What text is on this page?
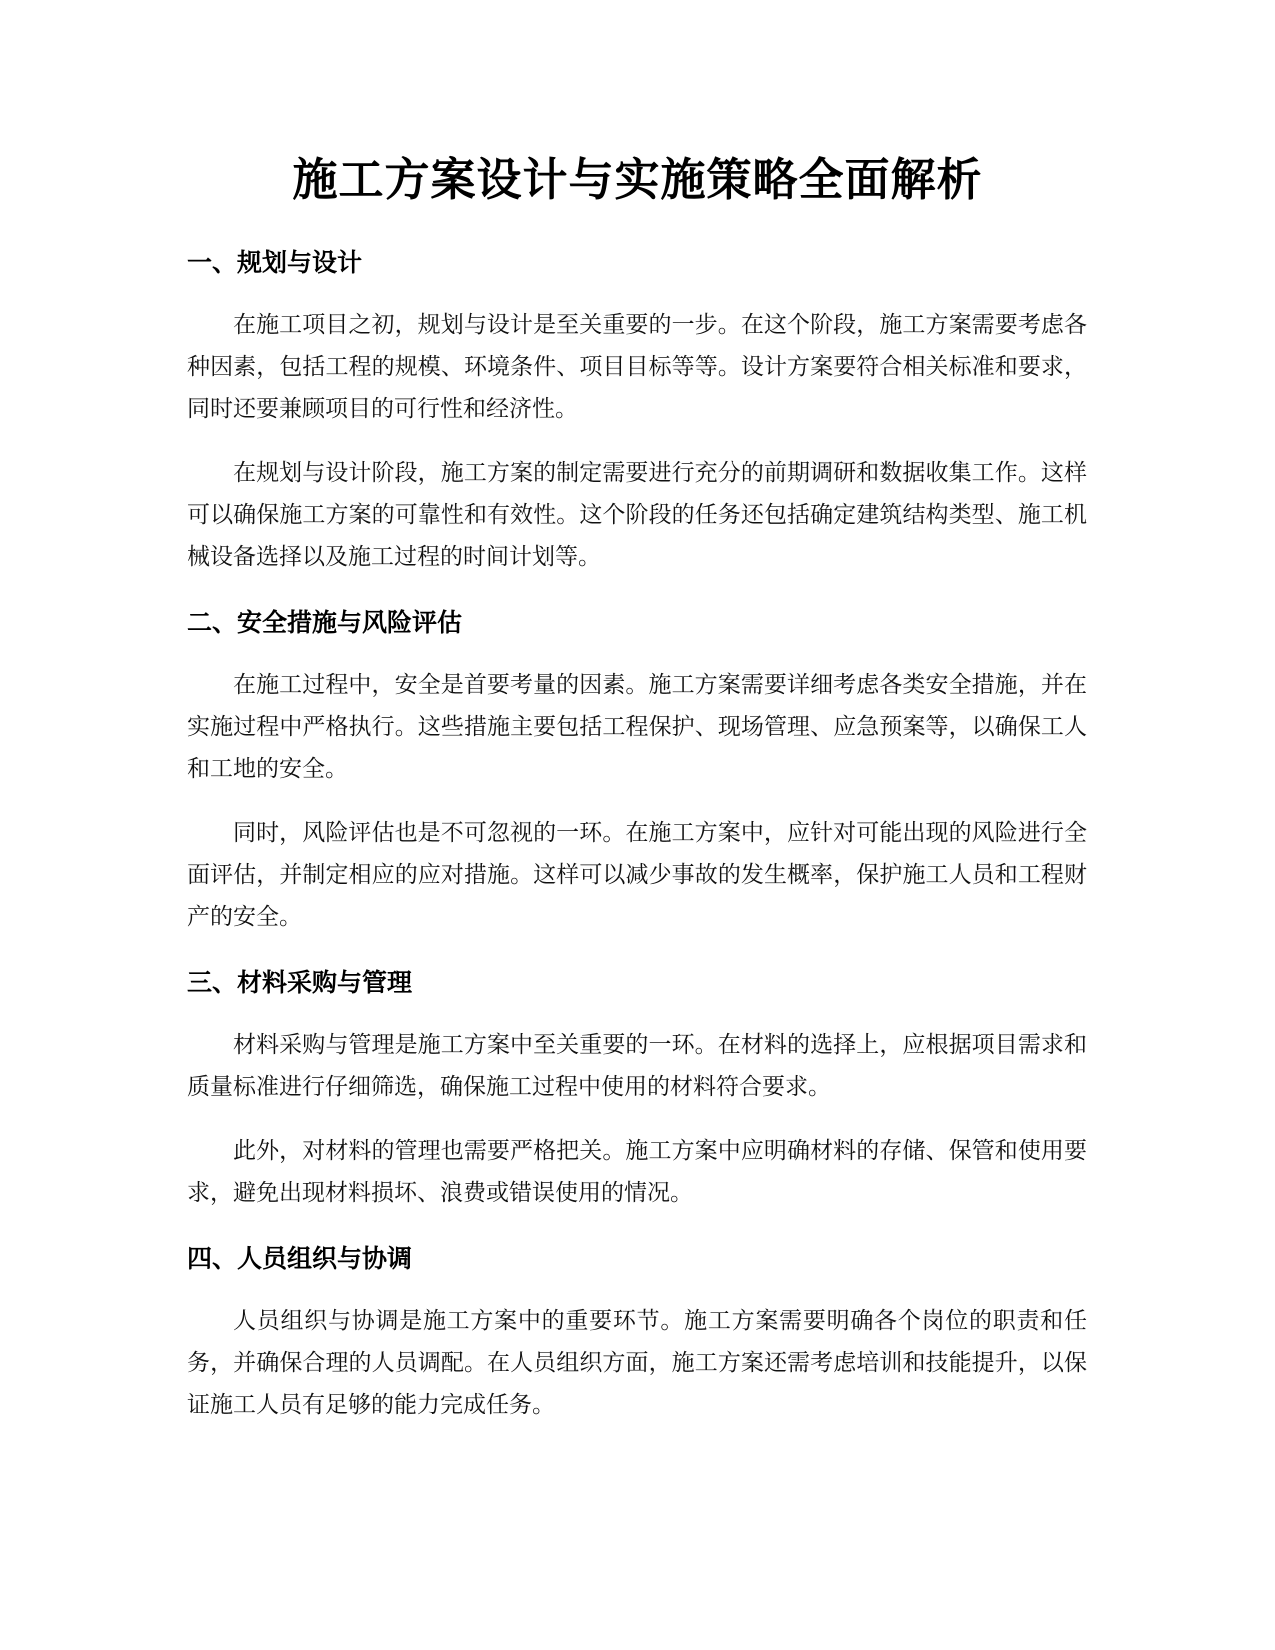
施工方案设计与实施策略全面解析
一、规划与设计

在施工项目之初，规划与设计是至关重要的一步。在这个阶段，施工方案需要考虑各种因素，包括工程的规模、环境条件、项目目标等等。设计方案要符合相关标准和要求，同时还要兼顾项目的可行性和经济性。

在规划与设计阶段，施工方案的制定需要进行充分的前期调研和数据收集工作。这样可以确保施工方案的可靠性和有效性。这个阶段的任务还包括确定建筑结构类型、施工机械设备选择以及施工过程的时间计划等。

二、安全措施与风险评估

在施工过程中，安全是首要考量的因素。施工方案需要详细考虑各类安全措施，并在实施过程中严格执行。这些措施主要包括工程保护、现场管理、应急预案等，以确保工人和工地的安全。

同时，风险评估也是不可忽视的一环。在施工方案中，应针对可能出现的风险进行全面评估，并制定相应的应对措施。这样可以减少事故的发生概率，保护施工人员和工程财产的安全。

三、材料采购与管理

材料采购与管理是施工方案中至关重要的一环。在材料的选择上，应根据项目需求和质量标准进行仔细筛选，确保施工过程中使用的材料符合要求。

此外，对材料的管理也需要严格把关。施工方案中应明确材料的存储、保管和使用要求，避免出现材料损坏、浪费或错误使用的情况。

四、人员组织与协调

人员组织与协调是施工方案中的重要环节。施工方案需要明确各个岗位的职责和任务，并确保合理的人员调配。在人员组织方面，施工方案还需考虑培训和技能提升，以保证施工人员有足够的能力完成任务。
